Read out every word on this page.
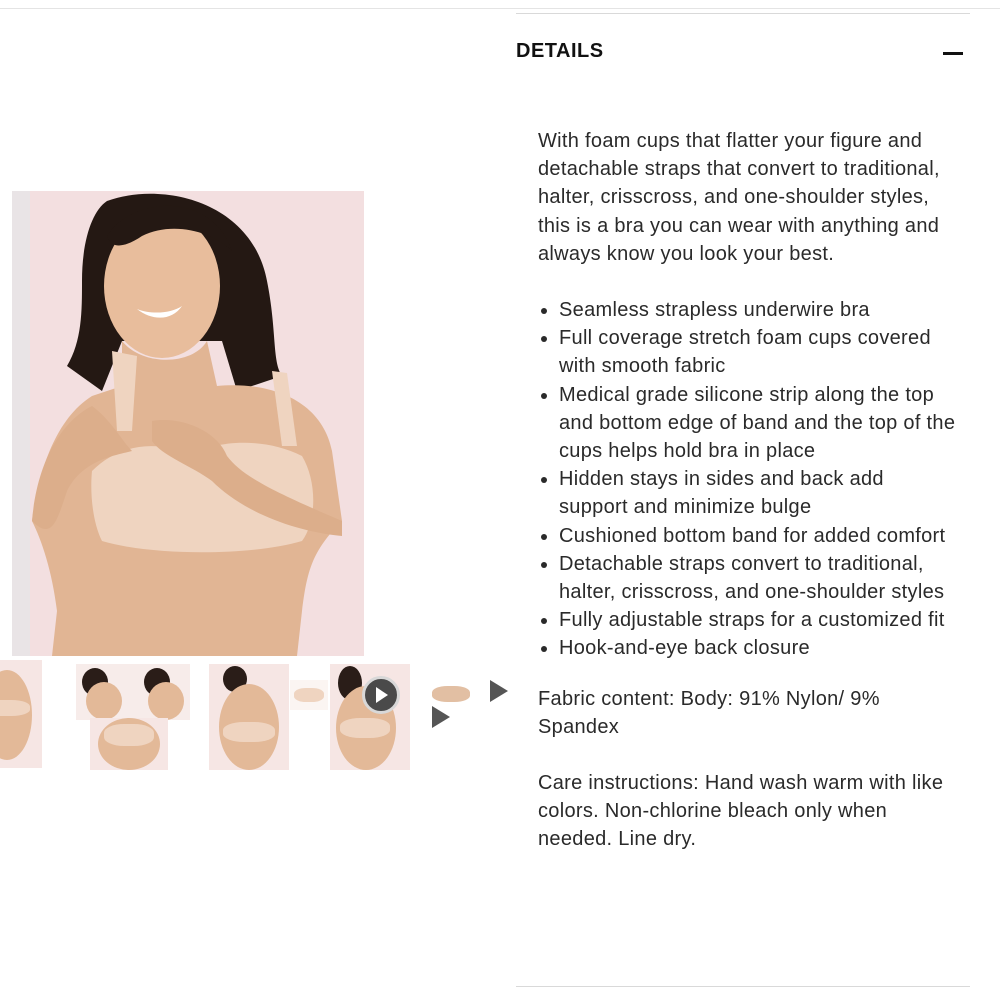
DETAILS

With foam cups that flatter your figure and detachable straps that convert to traditional, halter, crisscross, and one-shoulder styles, this is a bra you can wear with anything and always know you look your best.

• Seamless strapless underwire bra
• Full coverage stretch foam cups covered with smooth fabric
• Medical grade silicone strip along the top and bottom edge of band and the top of the cups helps hold bra in place
• Hidden stays in sides and back add support and minimize bulge
• Cushioned bottom band for added comfort
• Detachable straps convert to traditional, halter, crisscross, and one-shoulder styles
• Fully adjustable straps for a customized fit
• Hook-and-eye back closure

Fabric content: Body: 91% Nylon/ 9% Spandex

Care instructions: Hand wash warm with like colors. Non-chlorine bleach only when needed. Line dry.
